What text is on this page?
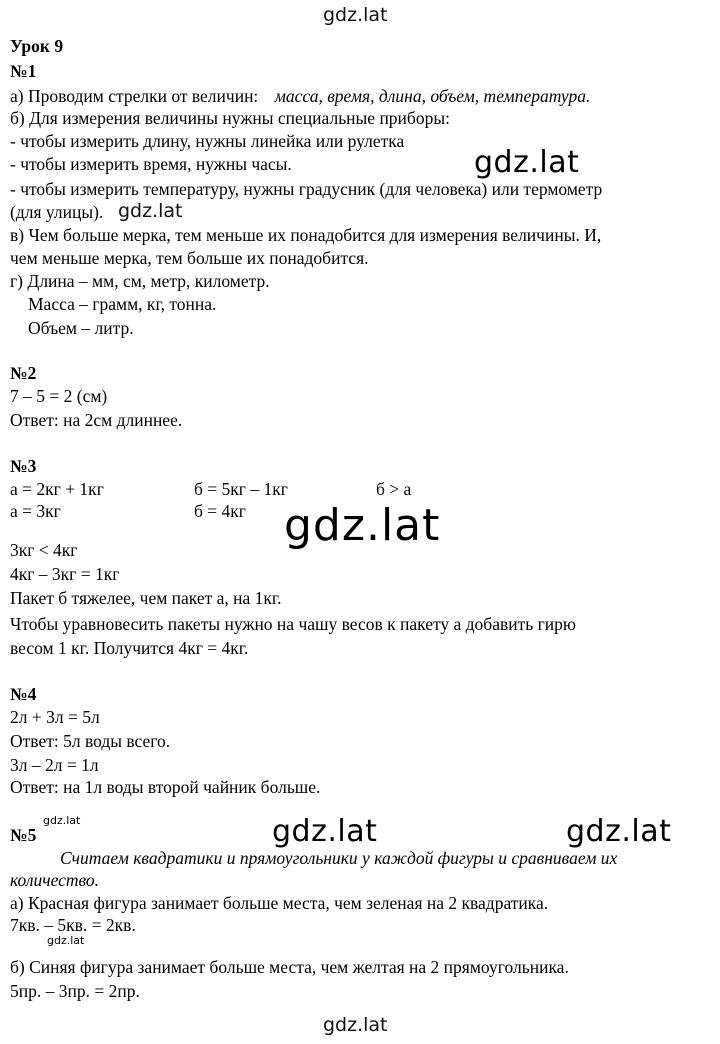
gdz.lat
gdz.lat
gdz.lat
gdz.lat
gdz.lat	gdz.lat
gdz.lat
gdz.lat
gdz.lat
Урок 9
№1
а) Проводим стрелки от величин: масса, время, длина, объем, температура.
б) Для измерения величины нужны специальные приборы:
- чтобы измерить длину, нужны линейка или рулетка
- чтобы измерить время, нужны часы.
- чтобы измерить температуру, нужны градусник (для человека) или термометр
(для улицы).
в) Чем больше мерка, тем меньше их понадобится для измерения величины. И,
чем меньше мерка, тем больше их понадобится.
г) Длина – мм, см, метр, километр.
Масса – грамм, кг, тонна.
Объем – литр.
№2
7 – 5 = 2 (см)
Ответ: на 2см длиннее.
№3
а = 2кг + 1кг	б = 5кг – 1кг	б > а
а = 3кг	б = 4кг
3кг < 4кг
4кг – 3кг = 1кг
Пакет б тяжелее, чем пакет а, на 1кг.
Чтобы уравновесить пакеты нужно на чашу весов к пакету а добавить гирю
весом 1 кг. Получится 4кг = 4кг.
№4
2л + 3л = 5л
Ответ: 5л воды всего.
3л – 2л = 1л
Ответ: на 1л воды второй чайник больше.
№5
Считаем квадратики и прямоугольники у каждой фигуры и сравниваем их
количество.
а) Красная фигура занимает больше места, чем зеленая на 2 квадратика.
7кв. – 5кв. = 2кв.
б) Синяя фигура занимает больше места, чем желтая на 2 прямоугольника.
5пр. – 3пр. = 2пр.
